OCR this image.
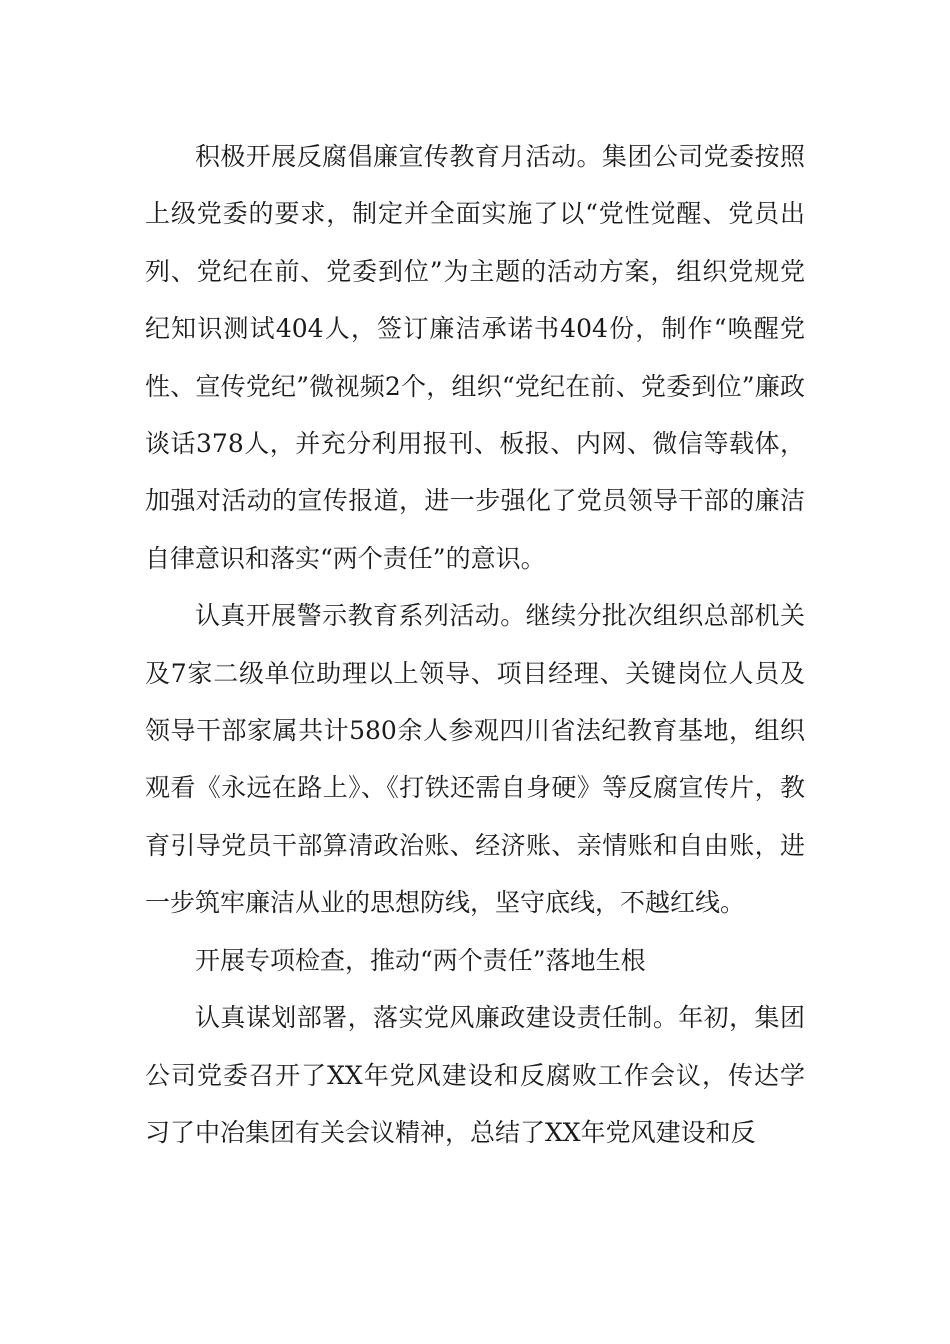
积极开展反腐倡廉宣传教育月活动。集团公司党委按照上级党委的要求，制定并全面实施了以“党性觉醒、党员出列、党纪在前、党委到位”为主题的活动方案，组织党规党纪知识测试404人，签订廉洁承诺书404份，制作“唤醒党性、宣传党纪”微视频2个，组织“党纪在前、党委到位”廉政谈话378人，并充分利用报刊、板报、内网、微信等载体，加强对活动的宣传报道，进一步强化了党员领导干部的廉洁自律意识和落实“两个责任”的意识。

认真开展警示教育系列活动。继续分批次组织总部机关及7家二级单位助理以上领导、项目经理、关键岗位人员及领导干部家属共计580余人参观四川省法纪教育基地，组织观看《永远在路上》、《打铁还需自身硬》等反腐宣传片，教育引导党员干部算清政治账、经济账、亲情账和自由账，进一步筑牢廉洁从业的思想防线，坚守底线，不越红线。

开展专项检查，推动“两个责任”落地生根

认真谋划部署，落实党风廉政建设责任制。年初，集团公司党委召开了XX年党风建设和反腐败工作会议，传达学习了中冶集团有关会议精神，总结了XX年党风建设和反
